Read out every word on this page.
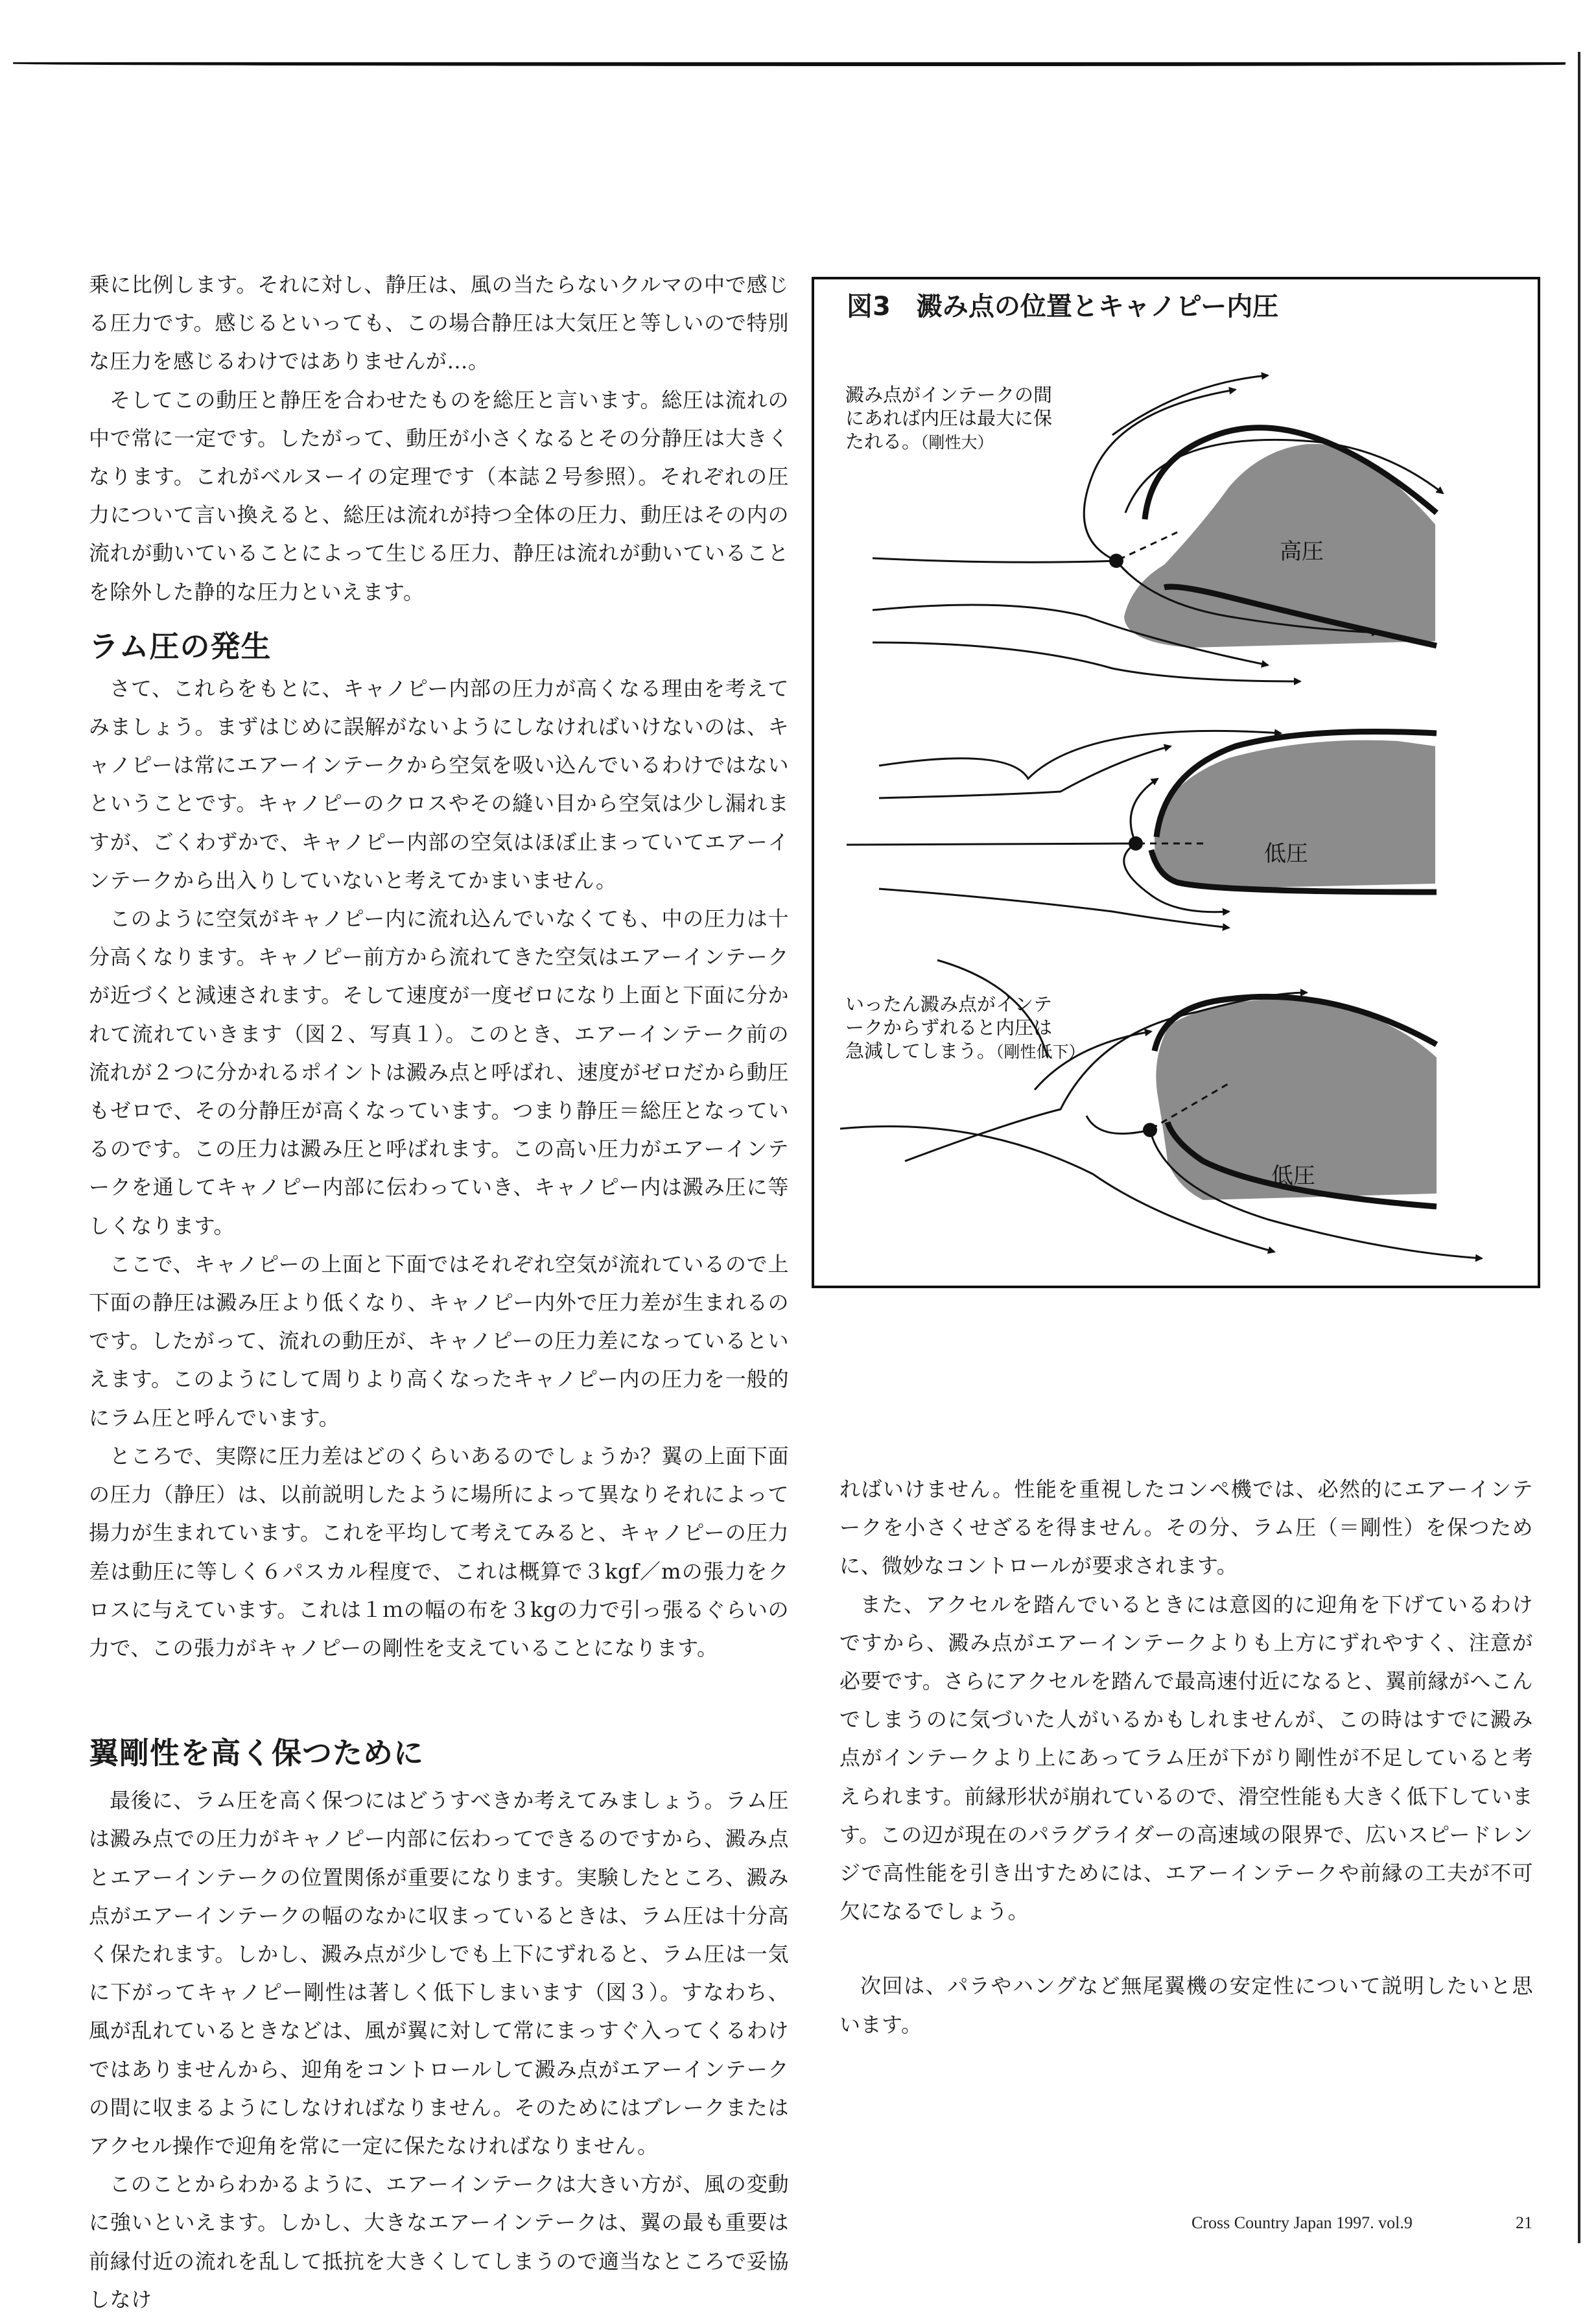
乗に比例します。それに対し、静圧は、風の当たらないクルマの中で感じる圧力です。感じるといっても、この場合静圧は大気圧と等しいので特別な圧力を感じるわけではありませんが…。

そしてこの動圧と静圧を合わせたものを総圧と言います。総圧は流れの中で常に一定です。したがって、動圧が小さくなるとその分静圧は大きくなります。これがベルヌーイの定理です（本誌２号参照）。それぞれの圧力について言い換えると、総圧は流れが持つ全体の圧力、動圧はその内の流れが動いていることによって生じる圧力、静圧は流れが動いていることを除外した静的な圧力といえます。

ラム圧の発生

さて、これらをもとに、キャノピー内部の圧力が高くなる理由を考えてみましょう。まずはじめに誤解がないようにしなければいけないのは、キャノピーは常にエアーインテークから空気を吸い込んでいるわけではないということです。キャノピーのクロスやその縫い目から空気は少し漏れますが、ごくわずかで、キャノピー内部の空気はほぼ止まっていてエアーインテークから出入りしていないと考えてかまいません。

このように空気がキャノピー内に流れ込んでいなくても、中の圧力は十分高くなります。キャノピー前方から流れてきた空気はエアーインテークが近づくと減速されます。そして速度が一度ゼロになり上面と下面に分かれて流れていきます（図２、写真１）。このとき、エアーインテーク前の流れが２つに分かれるポイントは澱み点と呼ばれ、速度がゼロだから動圧もゼロで、その分静圧が高くなっています。つまり静圧＝総圧となっているのです。この圧力は澱み圧と呼ばれます。この高い圧力がエアーインテークを通してキャノピー内部に伝わっていき、キャノピー内は澱み圧に等しくなります。

ここで、キャノピーの上面と下面ではそれぞれ空気が流れているので上下面の静圧は澱み圧より低くなり、キャノピー内外で圧力差が生まれるのです。したがって、流れの動圧が、キャノピーの圧力差になっているといえます。このようにして周りより高くなったキャノピー内の圧力を一般的にラム圧と呼んでいます。

ところで、実際に圧力差はどのくらいあるのでしょうか？翼の上面下面の圧力（静圧）は、以前説明したように場所によって異なりそれによって揚力が生まれています。これを平均して考えてみると、キャノピーの圧力差は動圧に等しく６パスカル程度で、これは概算で３kgf／mの張力をクロスに与えています。これは１ｍの幅の布を３kgの力で引っ張るぐらいの力で、この張力がキャノピーの剛性を支えていることになります。

翼剛性を高く保つために

最後に、ラム圧を高く保つにはどうすべきか考えてみましょう。ラム圧は澱み点での圧力がキャノピー内部に伝わってできるのですから、澱み点とエアーインテークの位置関係が重要になります。実験したところ、澱み点がエアーインテークの幅のなかに収まっているときは、ラム圧は十分高く保たれます。しかし、澱み点が少しでも上下にずれると、ラム圧は一気に下がってキャノピー剛性は著しく低下しまいます（図３）。すなわち、風が乱れているときなどは、風が翼に対して常にまっすぐ入ってくるわけではありませんから、迎角をコントロールして澱み点がエアーインテークの間に収まるようにしなければなりません。そのためにはブレークまたはアクセル操作で迎角を常に一定に保たなければなりません。

このことからわかるように、エアーインテークは大きい方が、風の変動に強いといえます。しかし、大きなエアーインテークは、翼の最も重要は前縁付近の流れを乱して抵抗を大きくしてしまうので適当なところで妥協しなけ

図3　澱み点の位置とキャノピー内圧
澱み点がインテークの間
にあれば内圧は最大に保
たれる。（剛性大）
いったん澱み点がインテ
ークからずれると内圧は
急減してしまう。（剛性低下）
高圧
低圧
低圧

ればいけません。性能を重視したコンペ機では、必然的にエアーインテークを小さくせざるを得ません。その分、ラム圧（＝剛性）を保つために、微妙なコントロールが要求されます。

また、アクセルを踏んでいるときには意図的に迎角を下げているわけですから、澱み点がエアーインテークよりも上方にずれやすく、注意が必要です。さらにアクセルを踏んで最高速付近になると、翼前縁がへこんでしまうのに気づいた人がいるかもしれませんが、この時はすでに澱み点がインテークより上にあってラム圧が下がり剛性が不足していると考えられます。前縁形状が崩れているので、滑空性能も大きく低下しています。この辺が現在のパラグライダーの高速域の限界で、広いスピードレンジで高性能を引き出すためには、エアーインテークや前縁の工夫が不可欠になるでしょう。

次回は、パラやハングなど無尾翼機の安定性について説明したいと思います。

Cross Country Japan 1997. vol.9	21
